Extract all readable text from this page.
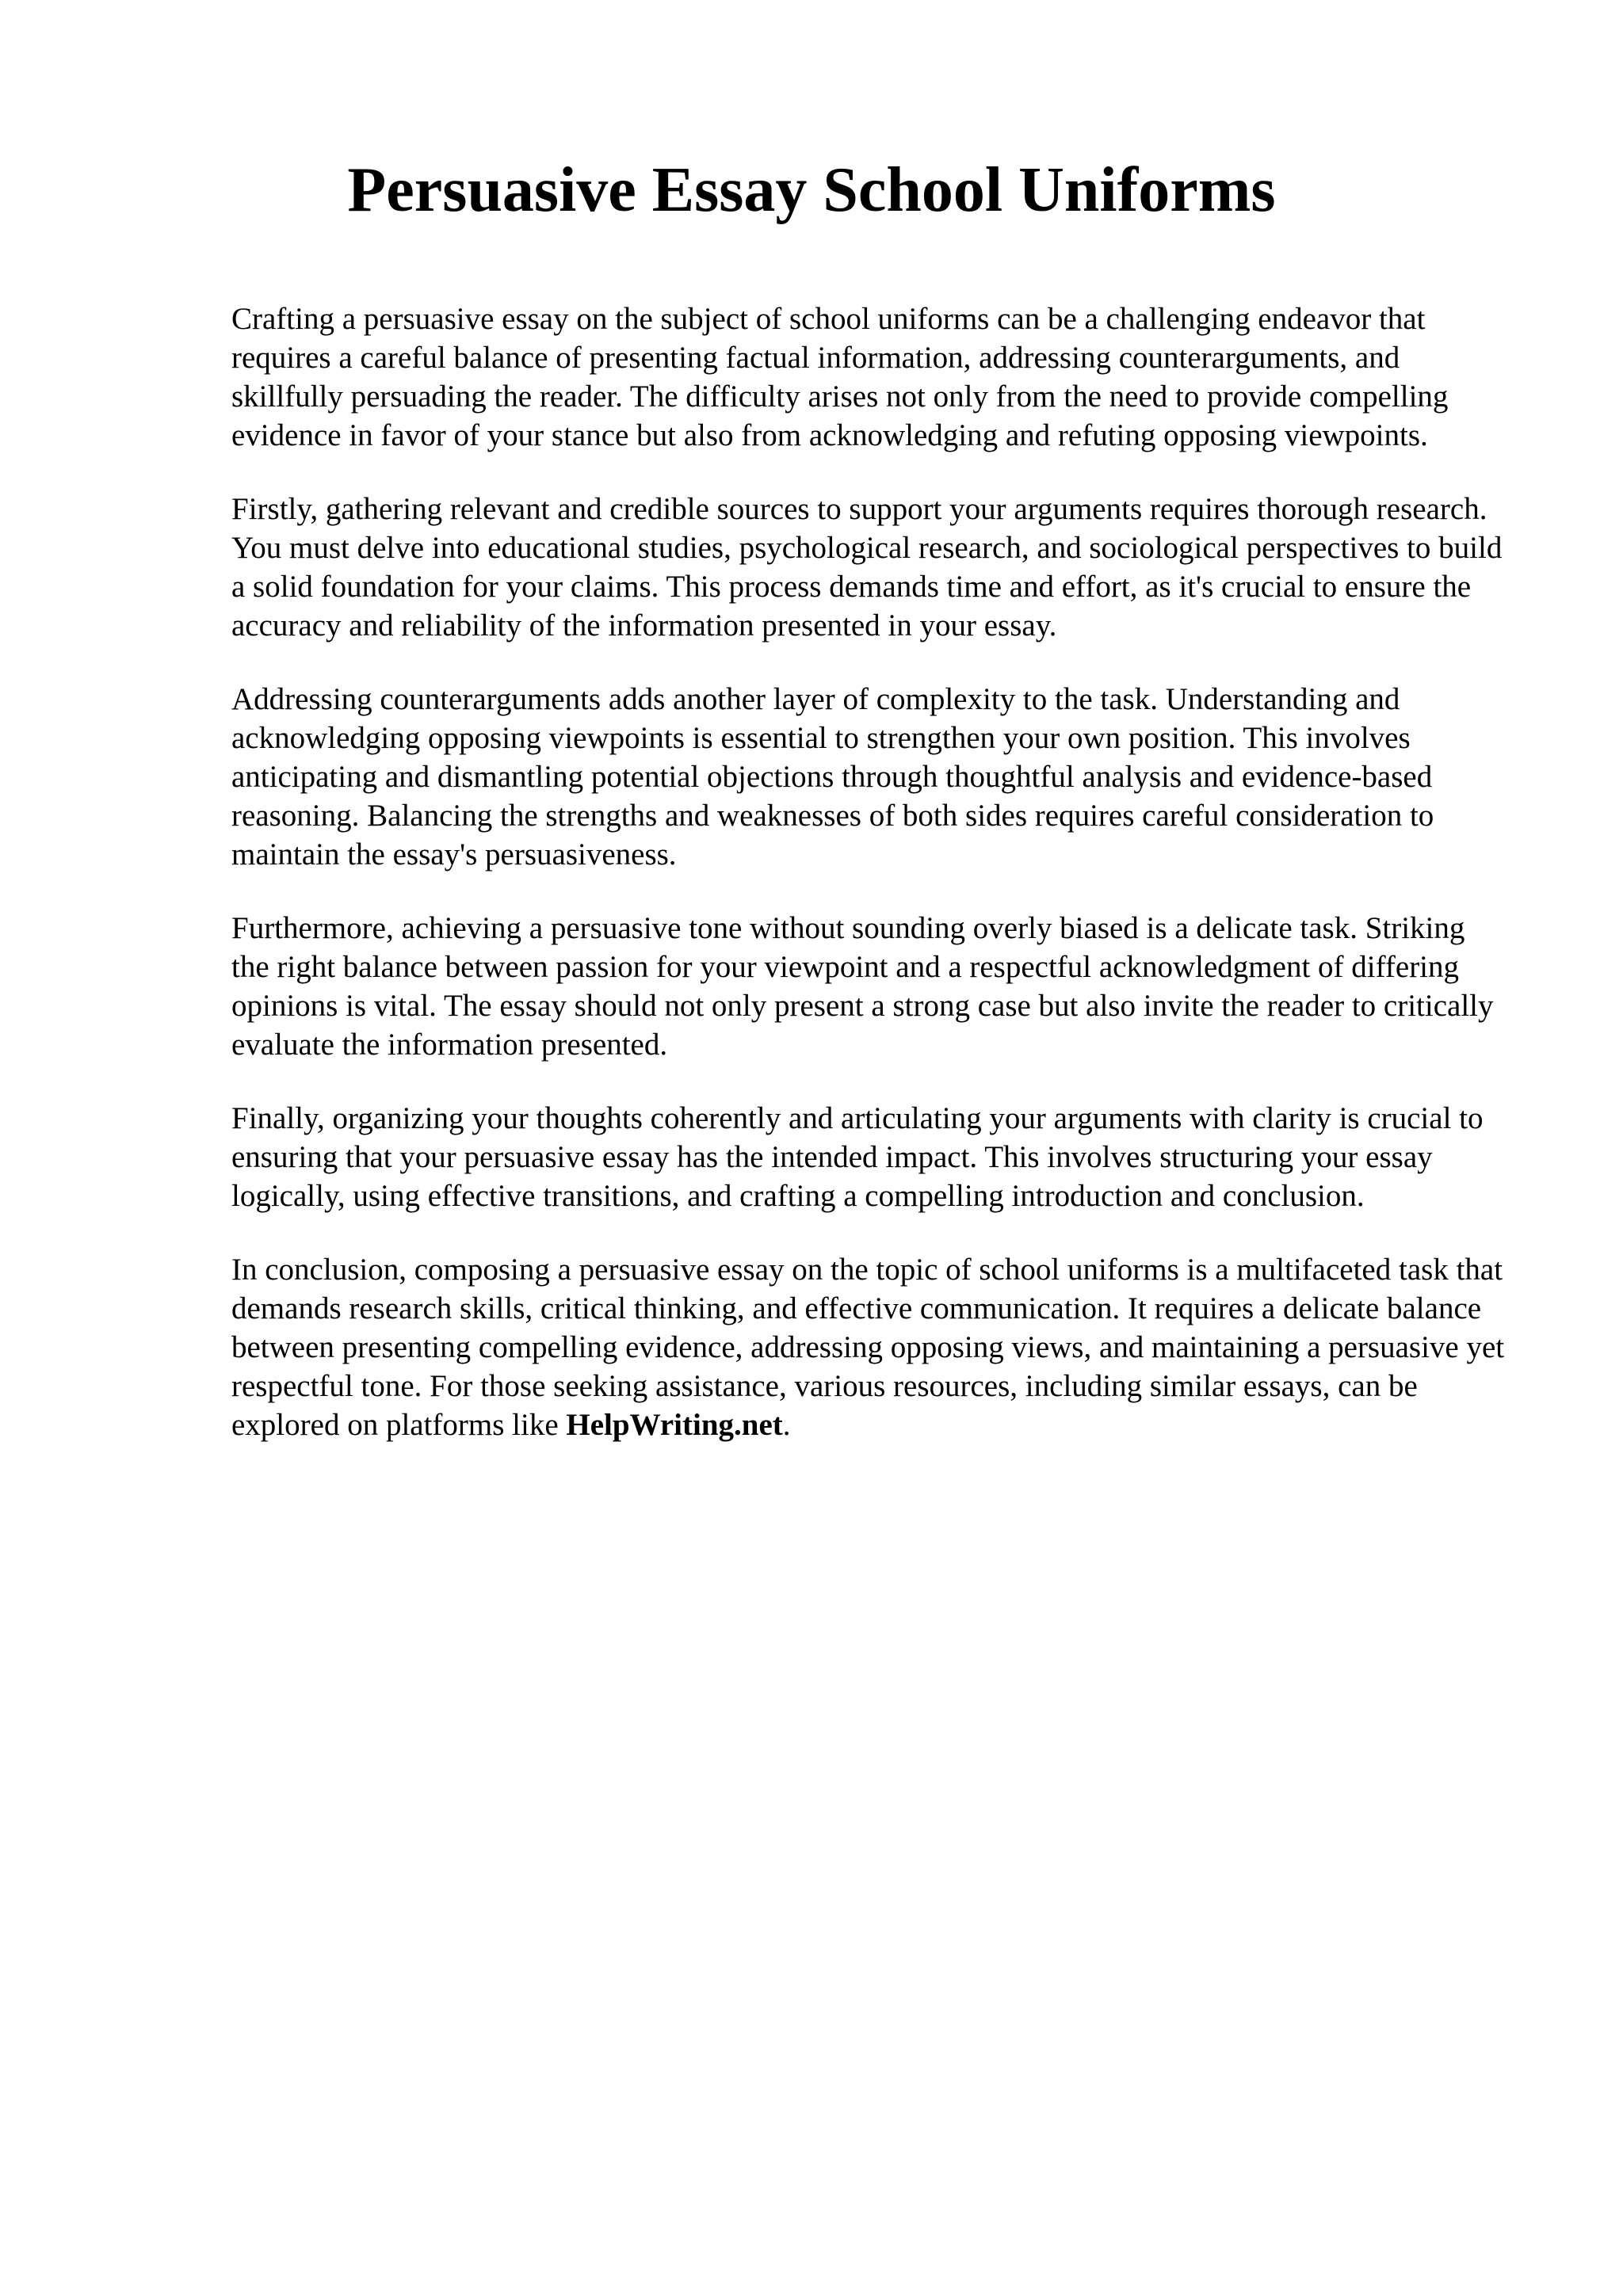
Persuasive Essay School Uniforms

Crafting a persuasive essay on the subject of school uniforms can be a challenging endeavor that requires a careful balance of presenting factual information, addressing counterarguments, and skillfully persuading the reader. The difficulty arises not only from the need to provide compelling evidence in favor of your stance but also from acknowledging and refuting opposing viewpoints.

Firstly, gathering relevant and credible sources to support your arguments requires thorough research. You must delve into educational studies, psychological research, and sociological perspectives to build a solid foundation for your claims. This process demands time and effort, as it's crucial to ensure the accuracy and reliability of the information presented in your essay.

Addressing counterarguments adds another layer of complexity to the task. Understanding and acknowledging opposing viewpoints is essential to strengthen your own position. This involves anticipating and dismantling potential objections through thoughtful analysis and evidence-based reasoning. Balancing the strengths and weaknesses of both sides requires careful consideration to maintain the essay's persuasiveness.

Furthermore, achieving a persuasive tone without sounding overly biased is a delicate task. Striking the right balance between passion for your viewpoint and a respectful acknowledgment of differing opinions is vital. The essay should not only present a strong case but also invite the reader to critically evaluate the information presented.

Finally, organizing your thoughts coherently and articulating your arguments with clarity is crucial to ensuring that your persuasive essay has the intended impact. This involves structuring your essay logically, using effective transitions, and crafting a compelling introduction and conclusion.

In conclusion, composing a persuasive essay on the topic of school uniforms is a multifaceted task that demands research skills, critical thinking, and effective communication. It requires a delicate balance between presenting compelling evidence, addressing opposing views, and maintaining a persuasive yet respectful tone. For those seeking assistance, various resources, including similar essays, can be explored on platforms like HelpWriting.net.
